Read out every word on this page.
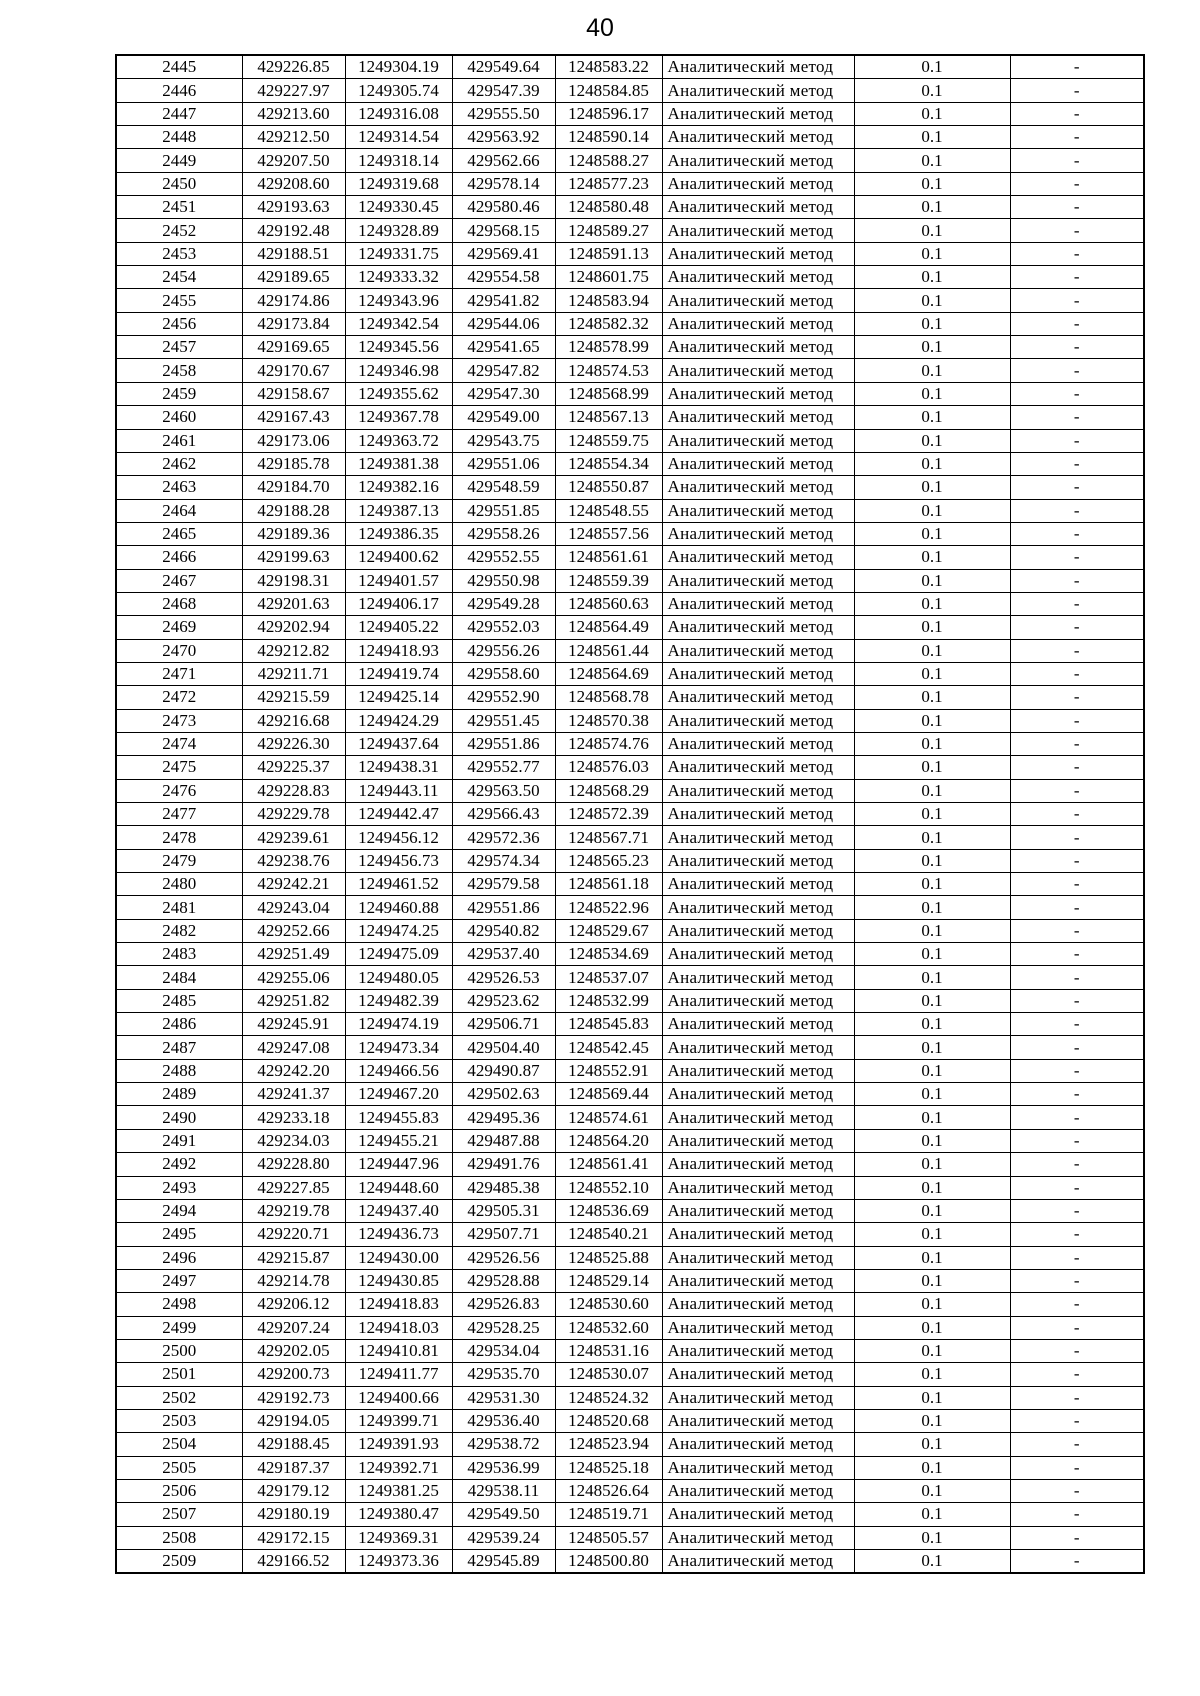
40
2445	429226.85	1249304.19	429549.64	1248583.22	Аналитический метод	0.1	-
2446	429227.97	1249305.74	429547.39	1248584.85	Аналитический метод	0.1	-
2447	429213.60	1249316.08	429555.50	1248596.17	Аналитический метод	0.1	-
2448	429212.50	1249314.54	429563.92	1248590.14	Аналитический метод	0.1	-
2449	429207.50	1249318.14	429562.66	1248588.27	Аналитический метод	0.1	-
2450	429208.60	1249319.68	429578.14	1248577.23	Аналитический метод	0.1	-
2451	429193.63	1249330.45	429580.46	1248580.48	Аналитический метод	0.1	-
2452	429192.48	1249328.89	429568.15	1248589.27	Аналитический метод	0.1	-
2453	429188.51	1249331.75	429569.41	1248591.13	Аналитический метод	0.1	-
2454	429189.65	1249333.32	429554.58	1248601.75	Аналитический метод	0.1	-
2455	429174.86	1249343.96	429541.82	1248583.94	Аналитический метод	0.1	-
2456	429173.84	1249342.54	429544.06	1248582.32	Аналитический метод	0.1	-
2457	429169.65	1249345.56	429541.65	1248578.99	Аналитический метод	0.1	-
2458	429170.67	1249346.98	429547.82	1248574.53	Аналитический метод	0.1	-
2459	429158.67	1249355.62	429547.30	1248568.99	Аналитический метод	0.1	-
2460	429167.43	1249367.78	429549.00	1248567.13	Аналитический метод	0.1	-
2461	429173.06	1249363.72	429543.75	1248559.75	Аналитический метод	0.1	-
2462	429185.78	1249381.38	429551.06	1248554.34	Аналитический метод	0.1	-
2463	429184.70	1249382.16	429548.59	1248550.87	Аналитический метод	0.1	-
2464	429188.28	1249387.13	429551.85	1248548.55	Аналитический метод	0.1	-
2465	429189.36	1249386.35	429558.26	1248557.56	Аналитический метод	0.1	-
2466	429199.63	1249400.62	429552.55	1248561.61	Аналитический метод	0.1	-
2467	429198.31	1249401.57	429550.98	1248559.39	Аналитический метод	0.1	-
2468	429201.63	1249406.17	429549.28	1248560.63	Аналитический метод	0.1	-
2469	429202.94	1249405.22	429552.03	1248564.49	Аналитический метод	0.1	-
2470	429212.82	1249418.93	429556.26	1248561.44	Аналитический метод	0.1	-
2471	429211.71	1249419.74	429558.60	1248564.69	Аналитический метод	0.1	-
2472	429215.59	1249425.14	429552.90	1248568.78	Аналитический метод	0.1	-
2473	429216.68	1249424.29	429551.45	1248570.38	Аналитический метод	0.1	-
2474	429226.30	1249437.64	429551.86	1248574.76	Аналитический метод	0.1	-
2475	429225.37	1249438.31	429552.77	1248576.03	Аналитический метод	0.1	-
2476	429228.83	1249443.11	429563.50	1248568.29	Аналитический метод	0.1	-
2477	429229.78	1249442.47	429566.43	1248572.39	Аналитический метод	0.1	-
2478	429239.61	1249456.12	429572.36	1248567.71	Аналитический метод	0.1	-
2479	429238.76	1249456.73	429574.34	1248565.23	Аналитический метод	0.1	-
2480	429242.21	1249461.52	429579.58	1248561.18	Аналитический метод	0.1	-
2481	429243.04	1249460.88	429551.86	1248522.96	Аналитический метод	0.1	-
2482	429252.66	1249474.25	429540.82	1248529.67	Аналитический метод	0.1	-
2483	429251.49	1249475.09	429537.40	1248534.69	Аналитический метод	0.1	-
2484	429255.06	1249480.05	429526.53	1248537.07	Аналитический метод	0.1	-
2485	429251.82	1249482.39	429523.62	1248532.99	Аналитический метод	0.1	-
2486	429245.91	1249474.19	429506.71	1248545.83	Аналитический метод	0.1	-
2487	429247.08	1249473.34	429504.40	1248542.45	Аналитический метод	0.1	-
2488	429242.20	1249466.56	429490.87	1248552.91	Аналитический метод	0.1	-
2489	429241.37	1249467.20	429502.63	1248569.44	Аналитический метод	0.1	-
2490	429233.18	1249455.83	429495.36	1248574.61	Аналитический метод	0.1	-
2491	429234.03	1249455.21	429487.88	1248564.20	Аналитический метод	0.1	-
2492	429228.80	1249447.96	429491.76	1248561.41	Аналитический метод	0.1	-
2493	429227.85	1249448.60	429485.38	1248552.10	Аналитический метод	0.1	-
2494	429219.78	1249437.40	429505.31	1248536.69	Аналитический метод	0.1	-
2495	429220.71	1249436.73	429507.71	1248540.21	Аналитический метод	0.1	-
2496	429215.87	1249430.00	429526.56	1248525.88	Аналитический метод	0.1	-
2497	429214.78	1249430.85	429528.88	1248529.14	Аналитический метод	0.1	-
2498	429206.12	1249418.83	429526.83	1248530.60	Аналитический метод	0.1	-
2499	429207.24	1249418.03	429528.25	1248532.60	Аналитический метод	0.1	-
2500	429202.05	1249410.81	429534.04	1248531.16	Аналитический метод	0.1	-
2501	429200.73	1249411.77	429535.70	1248530.07	Аналитический метод	0.1	-
2502	429192.73	1249400.66	429531.30	1248524.32	Аналитический метод	0.1	-
2503	429194.05	1249399.71	429536.40	1248520.68	Аналитический метод	0.1	-
2504	429188.45	1249391.93	429538.72	1248523.94	Аналитический метод	0.1	-
2505	429187.37	1249392.71	429536.99	1248525.18	Аналитический метод	0.1	-
2506	429179.12	1249381.25	429538.11	1248526.64	Аналитический метод	0.1	-
2507	429180.19	1249380.47	429549.50	1248519.71	Аналитический метод	0.1	-
2508	429172.15	1249369.31	429539.24	1248505.57	Аналитический метод	0.1	-
2509	429166.52	1249373.36	429545.89	1248500.80	Аналитический метод	0.1	-
